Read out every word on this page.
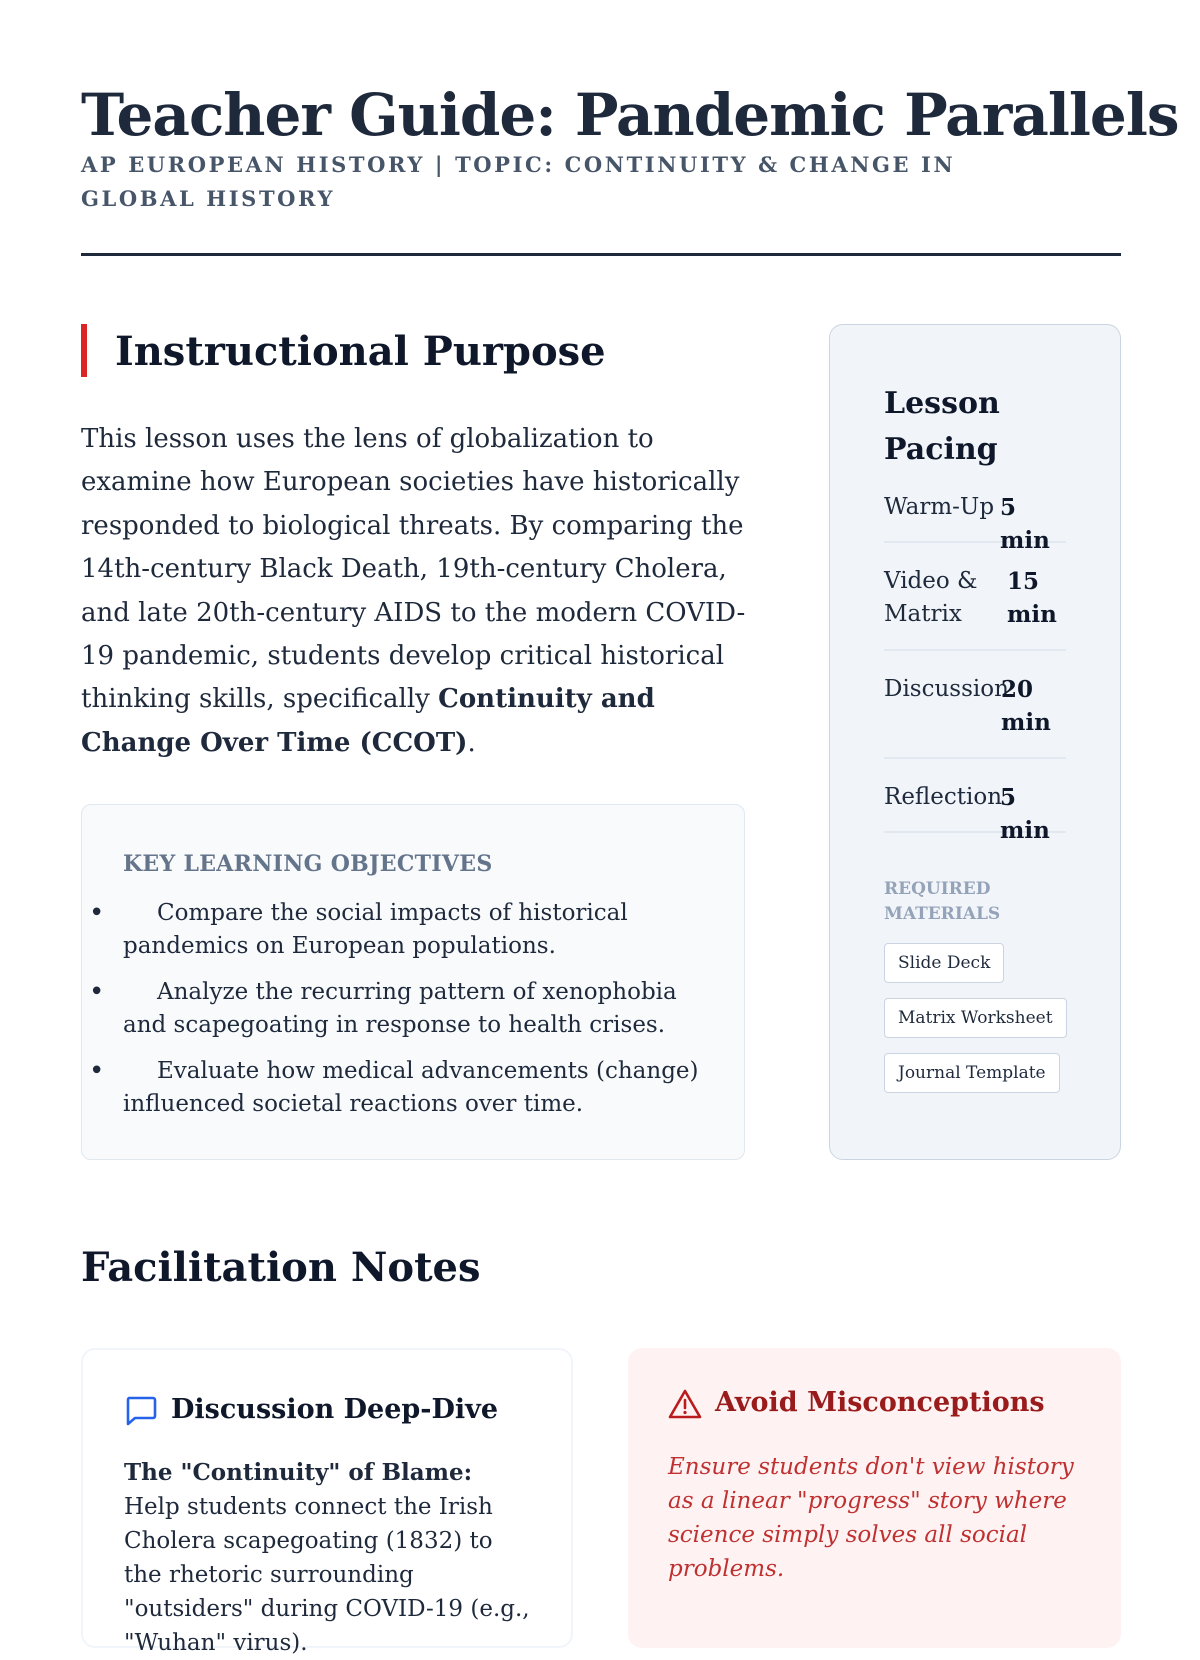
Teacher Guide: Pandemic Parallels
AP EUROPEAN HISTORY | TOPIC: CONTINUITY & CHANGE IN GLOBAL HISTORY
Instructional Purpose
This lesson uses the lens of globalization to examine how European societies have historically responded to biological threats. By comparing the 14th-century Black Death, 19th-century Cholera, and late 20th-century AIDS to the modern COVID-19 pandemic, students develop critical historical thinking skills, specifically Continuity and Change Over Time (CCOT).
KEY LEARNING OBJECTIVES
• Compare the social impacts of historical pandemics on European populations.
• Analyze the recurring pattern of xenophobia and scapegoating in response to health crises.
• Evaluate how medical advancements (change) influenced societal reactions over time.
Lesson Pacing
Warm-Up 5 min
Video & Matrix
15 min
Discussion
20 min
Reflection
5 min
REQUIRED MATERIALS
Slide Deck
Matrix Worksheet
Journal Template
Facilitation Notes
Discussion Deep-Dive
The "Continuity" of Blame: Help students connect the Irish Cholera scapegoating (1832) to the rhetoric surrounding "outsiders" during COVID-19 (e.g., "Wuhan" virus).
Avoid Misconceptions
Ensure students don't view history as a linear "progress" story where science simply solves all social problems.
